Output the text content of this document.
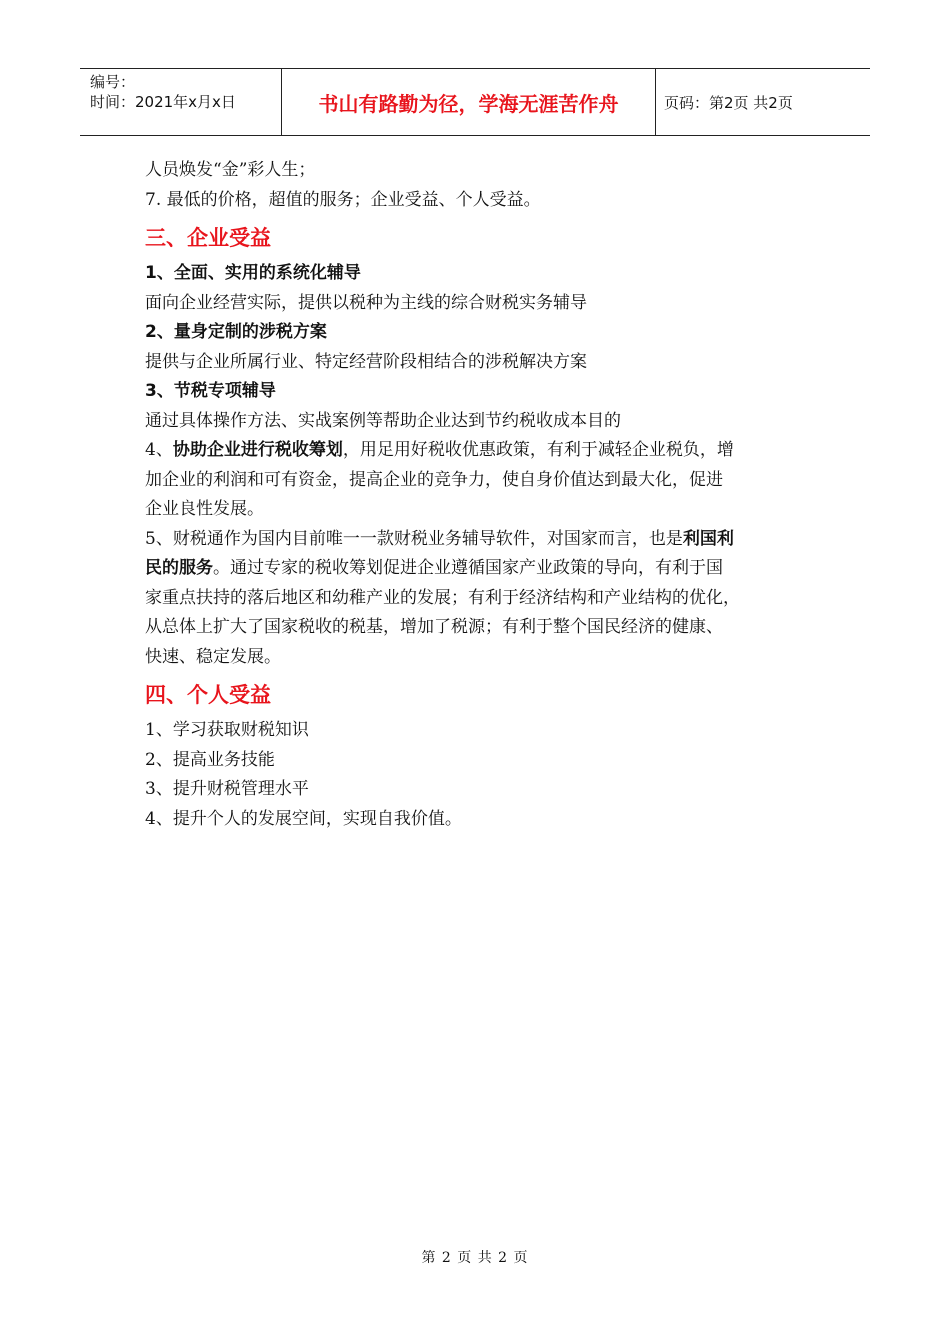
编号：
时间：2021年x月x日	书山有路勤为径，学海无涯苦作舟	页码：第2页 共2页

人员焕发“金”彩人生；

7. 最低的价格，超值的服务；企业受益、个人受益。

三、企业受益

1、全面、实用的系统化辅导

面向企业经营实际，提供以税种为主线的综合财税实务辅导

2、量身定制的涉税方案

提供与企业所属行业、特定经营阶段相结合的涉税解决方案

3、节税专项辅导

通过具体操作方法、实战案例等帮助企业达到节约税收成本目的

4、协助企业进行税收筹划，用足用好税收优惠政策，有利于减轻企业税负，增

加企业的利润和可有资金，提高企业的竞争力，使自身价值达到最大化，促进

企业良性发展。

5、财税通作为国内目前唯一一款财税业务辅导软件，对国家而言，也是利国利

民的服务。通过专家的税收筹划促进企业遵循国家产业政策的导向，有利于国

家重点扶持的落后地区和幼稚产业的发展；有利于经济结构和产业结构的优化，

从总体上扩大了国家税收的税基，增加了税源；有利于整个国民经济的健康、

快速、稳定发展。

四、个人受益

1、学习获取财税知识

2、提高业务技能

3、提升财税管理水平

4、提升个人的发展空间，实现自我价值。

第 2 页 共 2 页
